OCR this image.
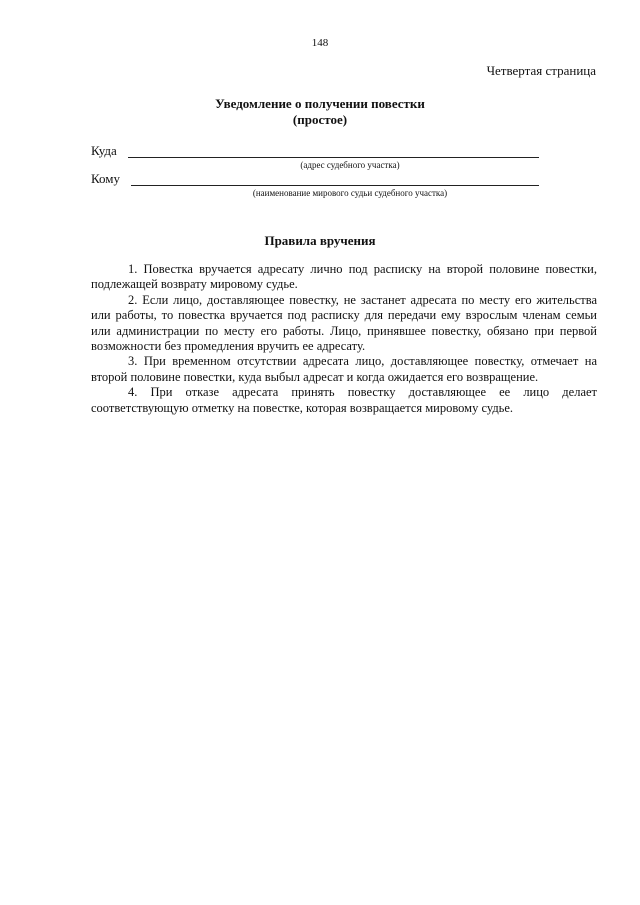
148
Четвертая страница
Уведомление о получении повестки
(простое)
Куда
(адрес судебного участка)
Кому
(наименование мирового судьи судебного участка)
Правила вручения

1. Повестка вручается адресату лично под расписку на второй половине повестки, подлежащей возврату мировому судье.

2. Если лицо, доставляющее повестку, не застанет адресата по месту его жительства или работы, то повестка вручается под расписку для передачи ему взрослым членам семьи или администрации по месту его работы. Лицо, принявшее повестку, обязано при первой возможности без промедления вручить ее адресату.

3. При временном отсутствии адресата лицо, доставляющее повестку, отмечает на второй половине повестки, куда выбыл адресат и когда ожидается его возвращение.

4. При отказе адресата принять повестку доставляющее ее лицо делает соответствующую отметку на повестке, которая возвращается мировому судье.
